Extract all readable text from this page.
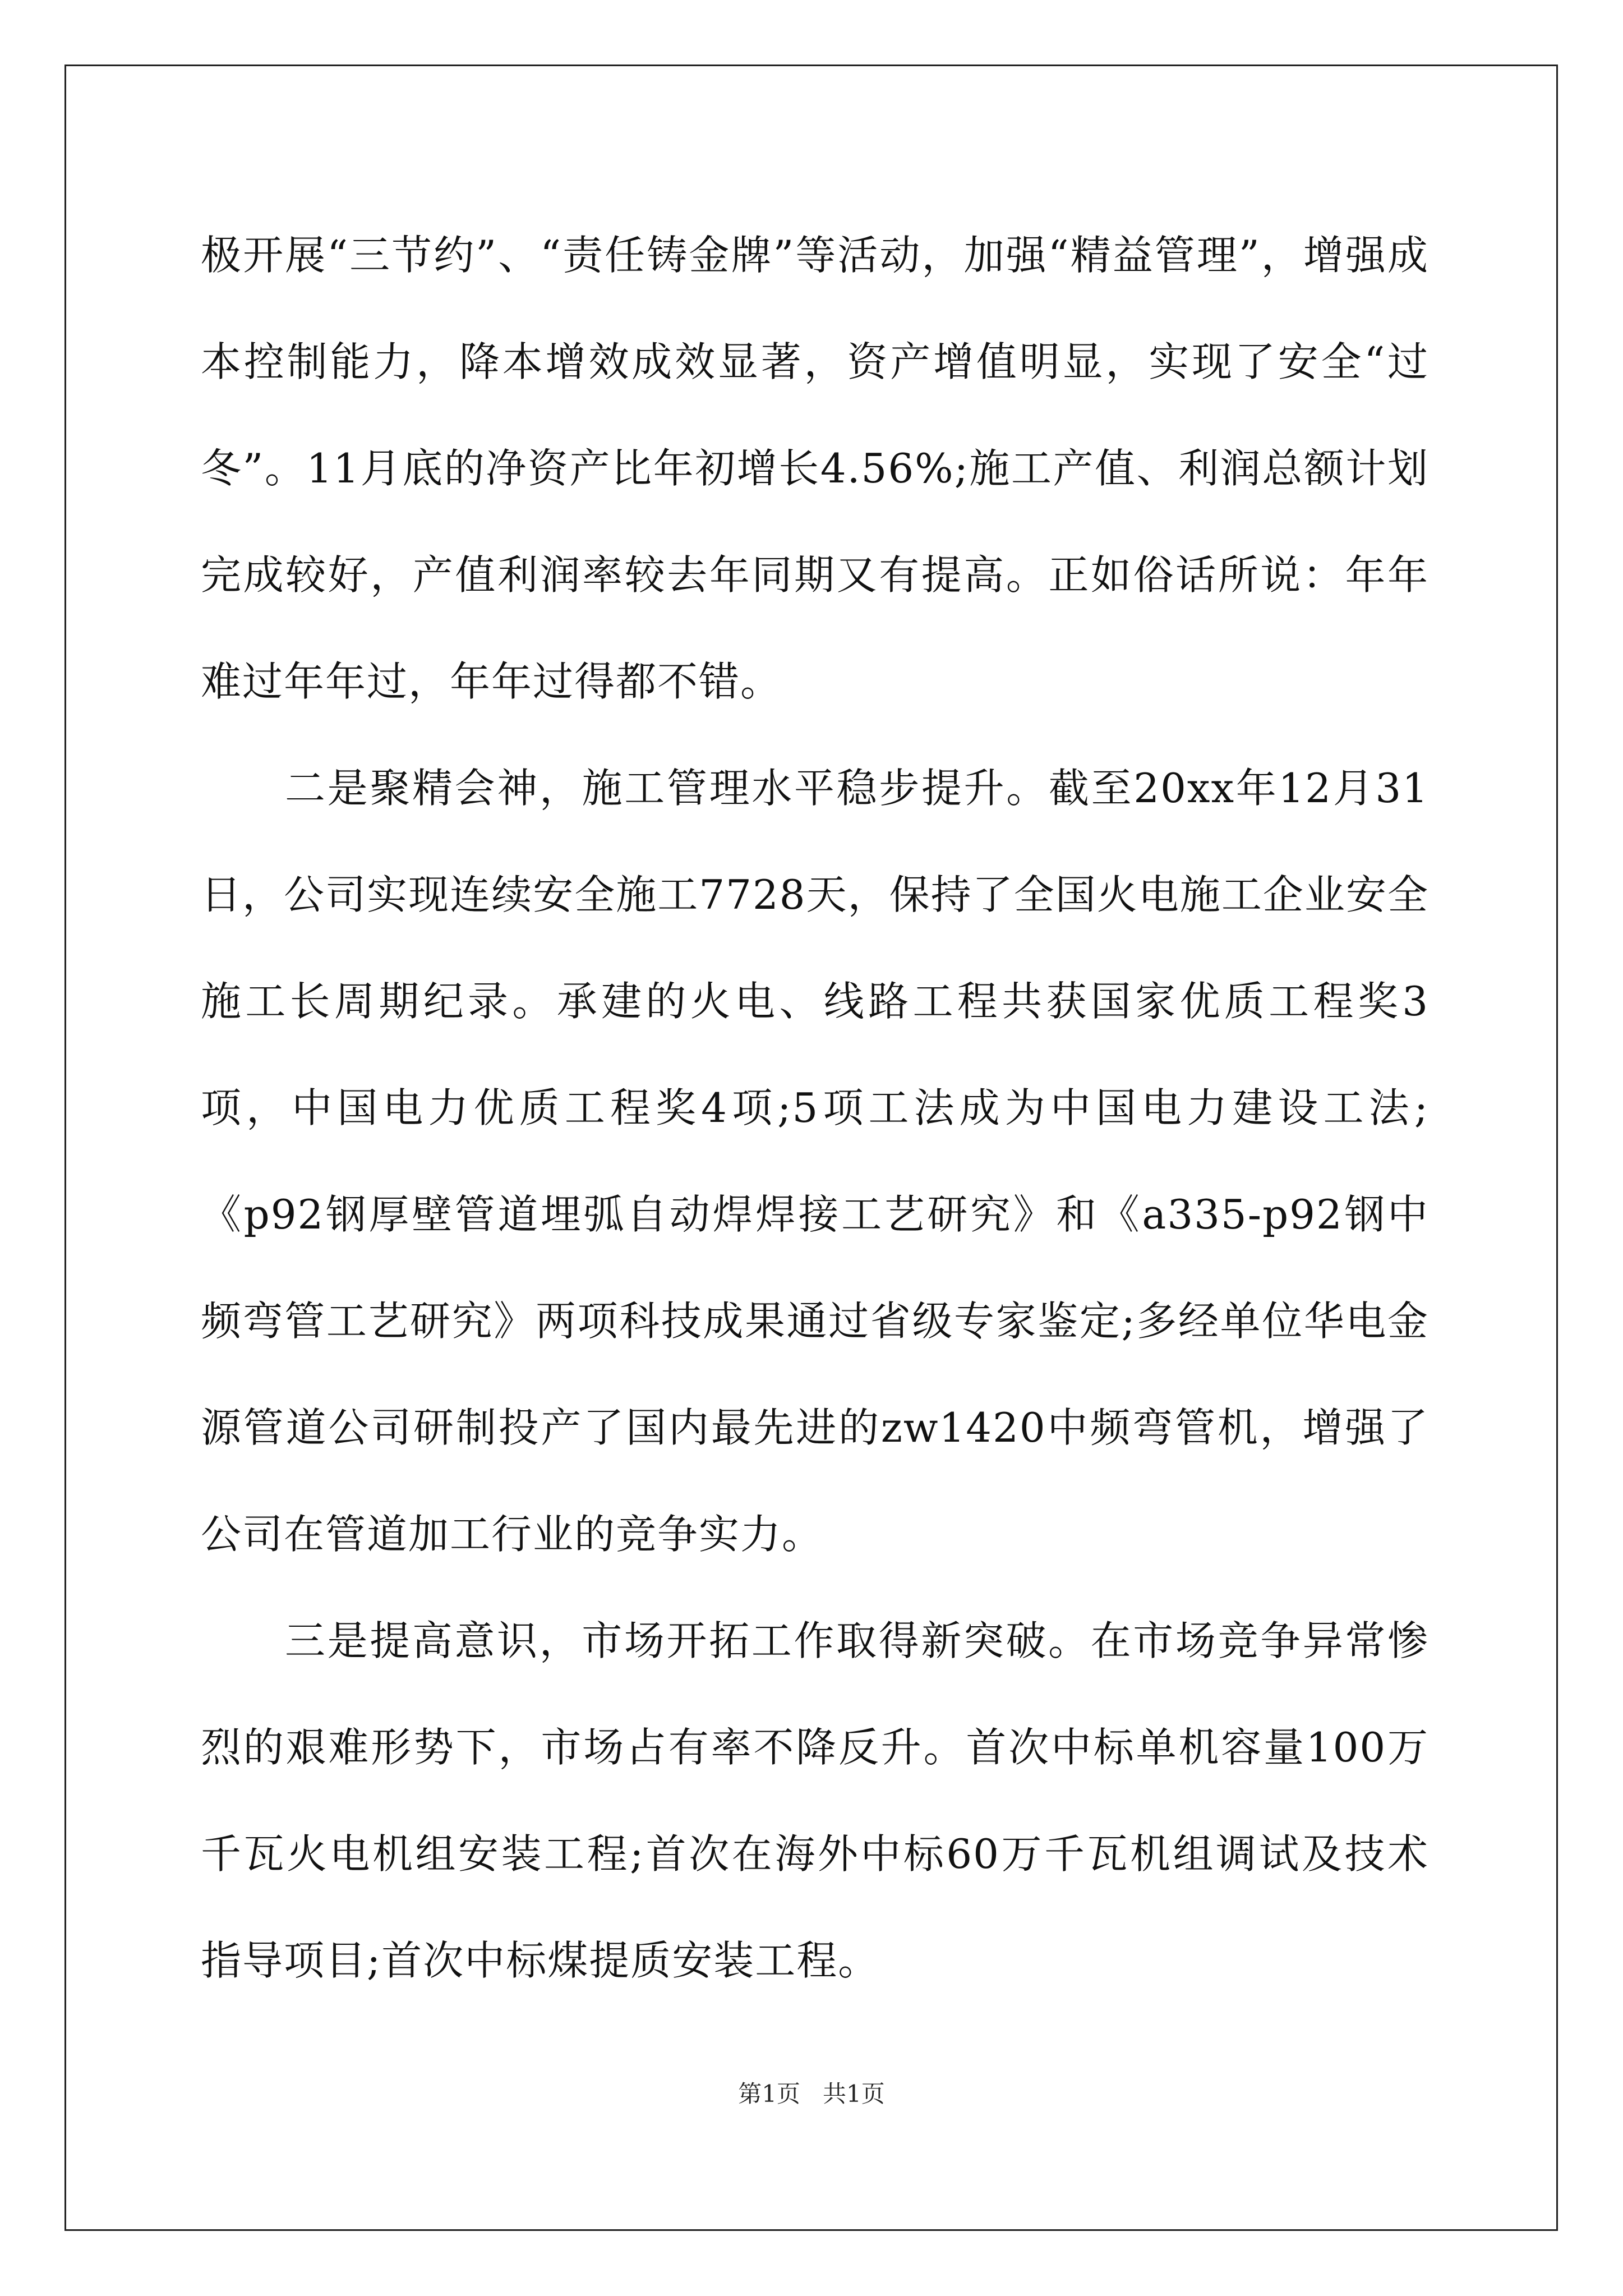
极开展“三节约”、“责任铸金牌”等活动，加强“精益管理”，增强成本控制能力，降本增效成效显著，资产增值明显，实现了安全“过冬”。11月底的净资产比年初增长4.56%;施工产值、利润总额计划完成较好，产值利润率较去年同期又有提高。正如俗话所说：年年难过年年过，年年过得都不错。

二是聚精会神，施工管理水平稳步提升。截至20xx年12月31日，公司实现连续安全施工7728天，保持了全国火电施工企业安全施工长周期纪录。承建的火电、线路工程共获国家优质工程奖3项，中国电力优质工程奖4项;5项工法成为中国电力建设工法;《p92钢厚壁管道埋弧自动焊焊接工艺研究》和《a335-p92钢中频弯管工艺研究》两项科技成果通过省级专家鉴定;多经单位华电金源管道公司研制投产了国内最先进的zw1420中频弯管机，增强了公司在管道加工行业的竞争实力。

三是提高意识，市场开拓工作取得新突破。在市场竞争异常惨烈的艰难形势下，市场占有率不降反升。首次中标单机容量100万千瓦火电机组安装工程;首次在海外中标60万千瓦机组调试及技术指导项目;首次中标煤提质安装工程。

第1页 共1页
